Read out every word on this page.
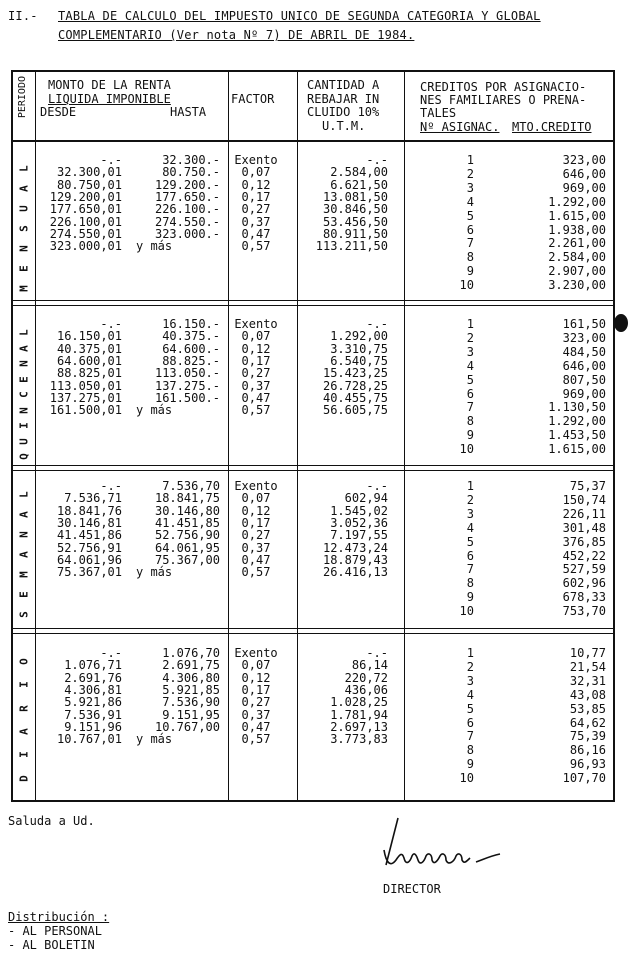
II.- TABLA DE CALCULO DEL IMPUESTO UNICO DE SEGUNDA CATEGORIA Y GLOBAL
COMPLEMENTARIO (Ver nota Nº 7) DE ABRIL DE 1984.
PERIODO MONTO DE LA RENTA
LIQUIDA IMPONIBLE
DESDE	HASTA
FACTOR
CANTIDAD A
REBAJAR IN
CLUIDO 10%
U.T.M.
CREDITOS POR ASIGNACIO-
NES FAMILIARES O PRENA-
TALES
Nº ASIGNAC. MTO.CREDITO
M
E
N
S
U
A
L
-.-	32.300.-	Exento	-.-
32.300,01	80.750.-	0,07	2.584,00
80.750,01	129.200.-	0,12	6.621,50
129.200,01	177.650.-	0,17	13.081,50
177.650,01	226.100.-	0,27	30.846,50
226.100,01	274.550.-	0,37	53.456,50
274.550,01	323.000.-	0,47	80.911,50
323.000,01	y más	0,57	113.211,50
1	323,00
2	646,00
3	969,00
4	1.292,00
5	1.615,00
6	1.938,00
7	2.261,00
8	2.584,00
9	2.907,00
10	3.230,00
Q
U
I
N
C
E
N
A
L
-.-	16.150.-	Exento	-.-
16.150,01	40.375.-	0,07	1.292,00
40.375,01	64.600.-	0,12	3.310,75
64.600,01	88.825.-	0,17	6.540,75
88.825,01	113.050.-	0,27	15.423,25
113.050,01	137.275.-	0,37	26.728,25
137.275,01	161.500.-	0,47	40.455,75
161.500,01	y más	0,57	56.605,75
1	161,50
2	323,00
3	484,50
4	646,00
5	807,50
6	969,00
7	1.130,50
8	1.292,00
9	1.453,50
10	1.615,00
S
E
M
A
N
A
L
-.-	7.536,70	Exento	-.-
7.536,71	18.841,75	0,07	602,94
18.841,76	30.146,80	0,12	1.545,02
30.146,81	41.451,85	0,17	3.052,36
41.451,86	52.756,90	0,27	7.197,55
52.756,91	64.061,95	0,37	12.473,24
64.061,96	75.367,00	0,47	18.879,43
75.367,01	y más	0,57	26.416,13
1	75,37
2	150,74
3	226,11
4	301,48
5	376,85
6	452,22
7	527,59
8	602,96
9	678,33
10	753,70
D
I
A
R
I
O
-.-	1.076,70	Exento	-.-
1.076,71	2.691,75	0,07	86,14
2.691,76	4.306,80	0,12	220,72
4.306,81	5.921,85	0,17	436,06
5.921,86	7.536,90	0,27	1.028,25
7.536,91	9.151,95	0,37	1.781,94
9.151,96	10.767,00	0,47	2.697,13
10.767,01	y más	0,57	3.773,83
1	10,77
2	21,54
3	32,31
4	43,08
5	53,85
6	64,62
7	75,39
8	86,16
9	96,93
10	107,70
Saluda a Ud.
DIRECTOR
Distribución :
- AL PERSONAL
- AL BOLETIN
